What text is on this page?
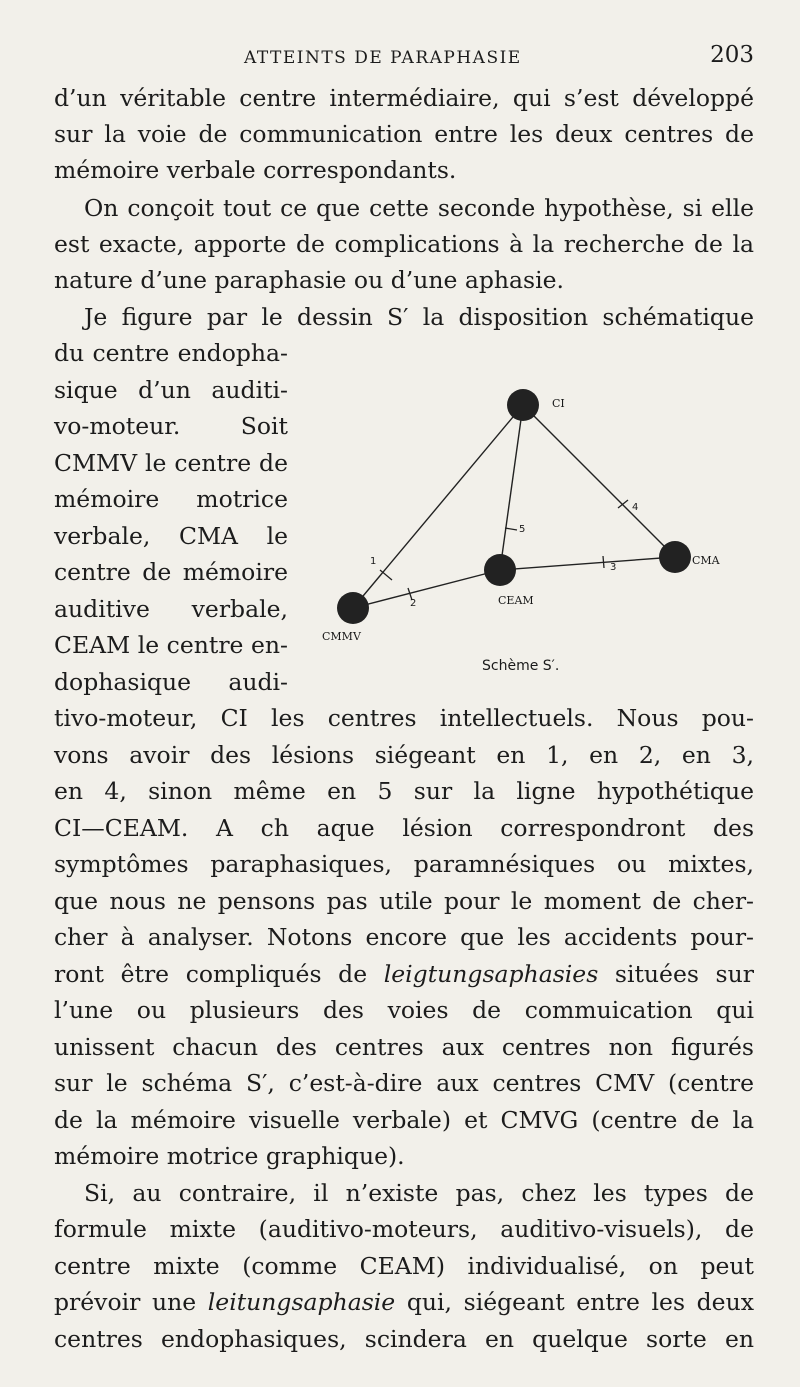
ATTEINTS DE PARAPHASIE	203
d’un véritable centre intermédiaire, qui s’est développé
sur la voie de communication entre les deux centres de
mémoire verbale correspondants.
On conçoit tout ce que cette seconde hypothèse, si elle
est exacte, apporte de complications à la recherche de la
nature d’une paraphasie ou d’une aphasie.
Je figure par le dessin S′ la disposition schématique
du centre endopha-
sique d’un auditi-
vo-moteur. Soit
CMMV le centre de
mémoire motrice
verbale, CMA le
centre de mémoire
auditive verbale,
CEAM le centre en-
dophasique audi-
tivo-moteur, CI les centres intellectuels. Nous pou-
vons avoir des lésions siégeant en 1, en 2, en 3,
en 4, sinon même en 5 sur la ligne hypothétique
CI—CEAM. A ch aque lésion correspondront des
symptômes paraphasiques, paramnésiques ou mixtes,
que nous ne pensons pas utile pour le moment de cher-
cher à analyser. Notons encore que les accidents pour-
ront être compliqués de leigtungsaphasies situées sur
l’une ou plusieurs des voies de commuication qui
unissent chacun des centres aux centres non figurés
sur le schéma S′, c’est-à-dire aux centres CMV (centre
de la mémoire visuelle verbale) et CMVG (centre de la
mémoire motrice graphique).
Si, au contraire, il n’existe pas, chez les types de
formule mixte (auditivo-moteurs, auditivo-visuels), de
centre mixte (comme CEAM) individualisé, on peut
prévoir une leitungsaphasie qui, siégeant entre les deux
centres endophasiques, scindera en quelque sorte en
CI
CMA
CEAM
CMMV
1
2
3
4
5
Schème S′.
